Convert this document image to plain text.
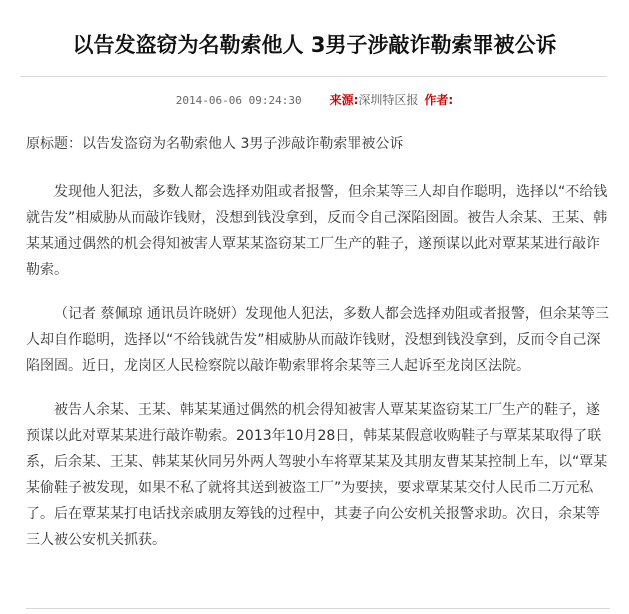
以告发盗窃为名勒索他人 3男子涉敲诈勒索罪被公诉
2014-06-06 09:24:30 来源:深圳特区报 作者:

原标题：以告发盗窃为名勒索他人 3男子涉敲诈勒索罪被公诉

发现他人犯法，多数人都会选择劝阻或者报警，但余某等三人却自作聪明，选择以“不给钱就告发”相威胁从而敲诈钱财，没想到钱没拿到，反而令自己深陷囹圄。被告人余某、王某、韩某某通过偶然的机会得知被害人覃某某盗窃某工厂生产的鞋子，遂预谋以此对覃某某进行敲诈勒索。

（记者 蔡佩琼 通讯员许晓妍）发现他人犯法，多数人都会选择劝阻或者报警，但余某等三人却自作聪明，选择以“不给钱就告发”相威胁从而敲诈钱财，没想到钱没拿到，反而令自己深陷囹圄。近日，龙岗区人民检察院以敲诈勒索罪将余某等三人起诉至龙岗区法院。

被告人余某、王某、韩某某通过偶然的机会得知被害人覃某某盗窃某工厂生产的鞋子，遂预谋以此对覃某某进行敲诈勒索。2013年10月28日，韩某某假意收购鞋子与覃某某取得了联系，后余某、王某、韩某某伙同另外两人驾驶小车将覃某某及其朋友曹某某控制上车，以“覃某某偷鞋子被发现，如果不私了就将其送到被盗工厂”为要挟，要求覃某某交付人民币二万元私了。后在覃某某打电话找亲戚朋友筹钱的过程中，其妻子向公安机关报警求助。次日，余某等三人被公安机关抓获。
